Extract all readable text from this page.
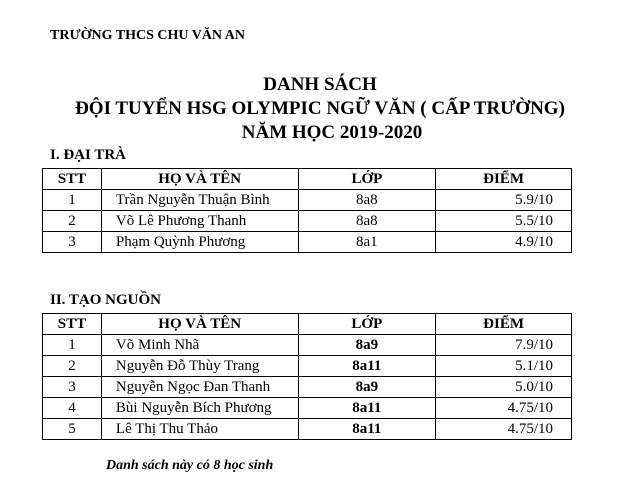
TRƯỜNG THCS CHU VĂN AN
DANH SÁCH
ĐỘI TUYỂN HSG OLYMPIC NGỮ VĂN ( CẤP TRƯỜNG)
NĂM HỌC 2019-2020
I. ĐẠI TRÀ
STT	HỌ VÀ TÊN	LỚP	ĐIỂM
1	Trần Nguyễn Thuận Bình	8a8	5.9/10
2	Võ Lê Phương Thanh	8a8	5.5/10
3	Phạm Quỳnh Phương	8a1	4.9/10
II. TẠO NGUỒN
STT	HỌ VÀ TÊN	LỚP	ĐIỂM
1	Võ Minh Nhã	8a9	7.9/10
2	Nguyễn Đỗ Thùy Trang	8a11	5.1/10
3	Nguyễn Ngọc Đan Thanh	8a9	5.0/10
4	Bùi Nguyễn Bích Phương	8a11	4.75/10
5	Lê Thị Thu Thảo	8a11	4.75/10
Danh sách này có 8 học sinh
